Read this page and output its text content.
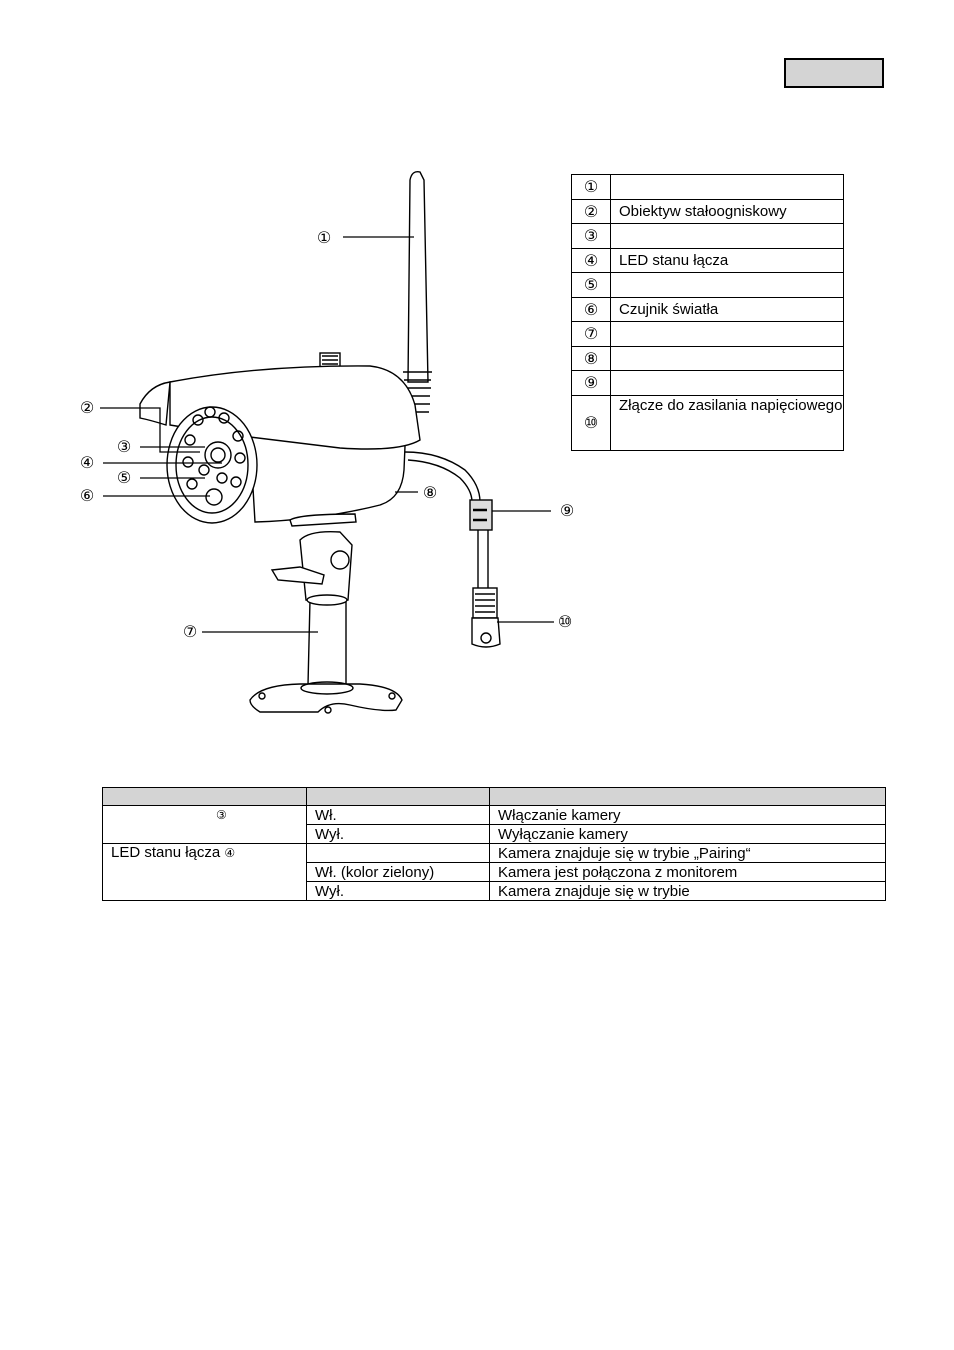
①
②
③
④
⑤
⑥
⑦
⑧
⑨
⑩
①	
②	Obiektyw stałoogniskowy
③	
④	LED stanu łącza
⑤	
⑥	Czujnik światła
⑦	
⑧	
⑨	
⑩	Złącze do zasilania napięciowego

③	Wł.	Włączanie kamery
	Wył.	Wyłączanie kamery
LED stanu łącza ④		Kamera znajduje się w trybie „Pairing“
	Wł. (kolor zielony)	Kamera jest połączona z monitorem
	Wył.	Kamera znajduje się w trybie
